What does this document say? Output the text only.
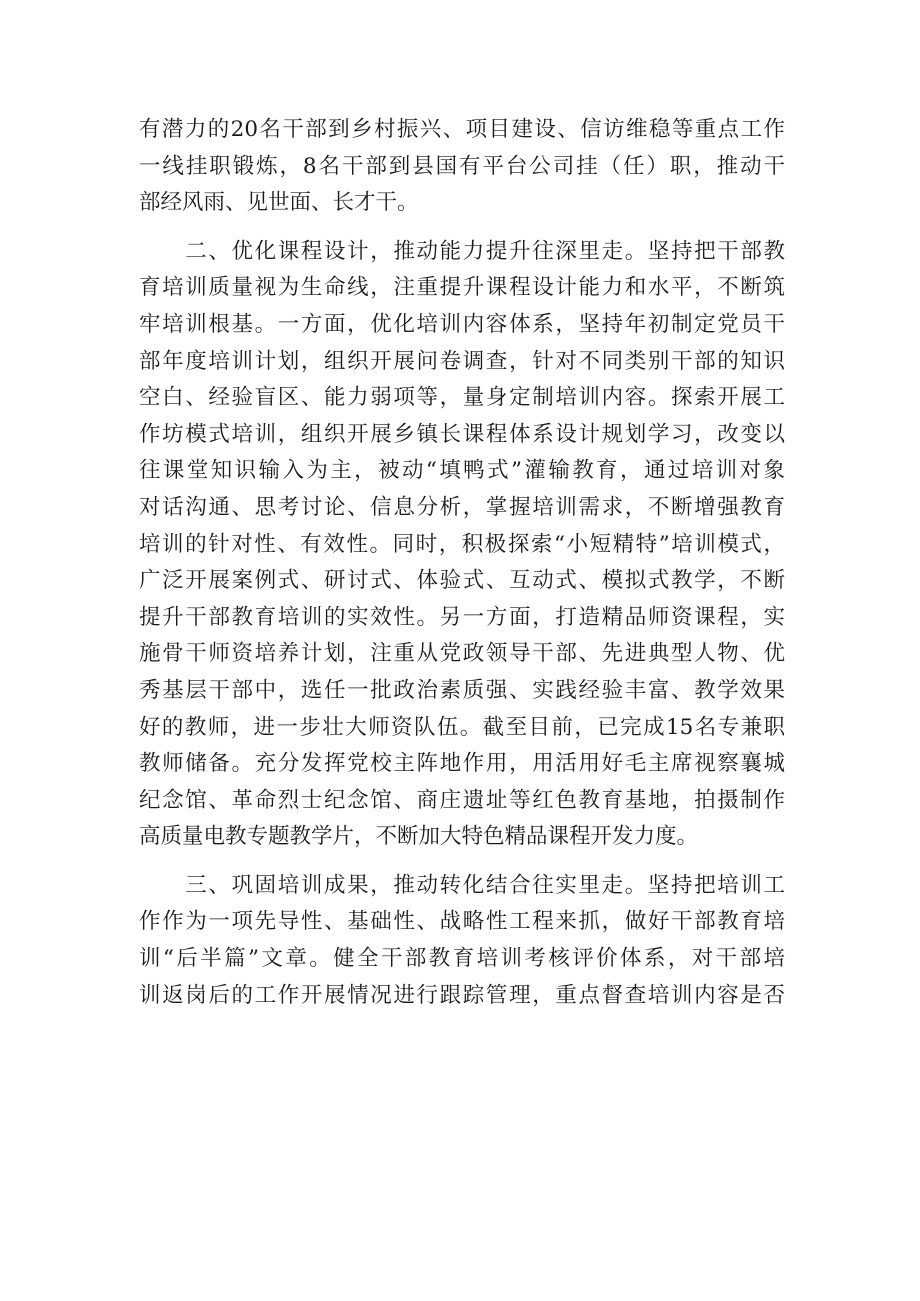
有潜力的20名干部到乡村振兴、项目建设、信访维稳等重点工作
一线挂职锻炼，8名干部到县国有平台公司挂（任）职，推动干
部经风雨、见世面、长才干。
　　二、优化课程设计，推动能力提升往深里走。坚持把干部教
育培训质量视为生命线，注重提升课程设计能力和水平，不断筑
牢培训根基。一方面，优化培训内容体系，坚持年初制定党员干
部年度培训计划，组织开展问卷调查，针对不同类别干部的知识
空白、经验盲区、能力弱项等，量身定制培训内容。探索开展工
作坊模式培训，组织开展乡镇长课程体系设计规划学习，改变以
往课堂知识输入为主，被动“填鸭式”灌输教育，通过培训对象
对话沟通、思考讨论、信息分析，掌握培训需求，不断增强教育
培训的针对性、有效性。同时，积极探索“小短精特”培训模式，
广泛开展案例式、研讨式、体验式、互动式、模拟式教学，不断
提升干部教育培训的实效性。另一方面，打造精品师资课程，实
施骨干师资培养计划，注重从党政领导干部、先进典型人物、优
秀基层干部中，选任一批政治素质强、实践经验丰富、教学效果
好的教师，进一步壮大师资队伍。截至目前，已完成15名专兼职
教师储备。充分发挥党校主阵地作用，用活用好毛主席视察襄城
纪念馆、革命烈士纪念馆、商庄遗址等红色教育基地，拍摄制作
高质量电教专题教学片，不断加大特色精品课程开发力度。
　　三、巩固培训成果，推动转化结合往实里走。坚持把培训工
作作为一项先导性、基础性、战略性工程来抓，做好干部教育培
训“后半篇”文章。健全干部教育培训考核评价体系，对干部培
训返岗后的工作开展情况进行跟踪管理，重点督查培训内容是否
